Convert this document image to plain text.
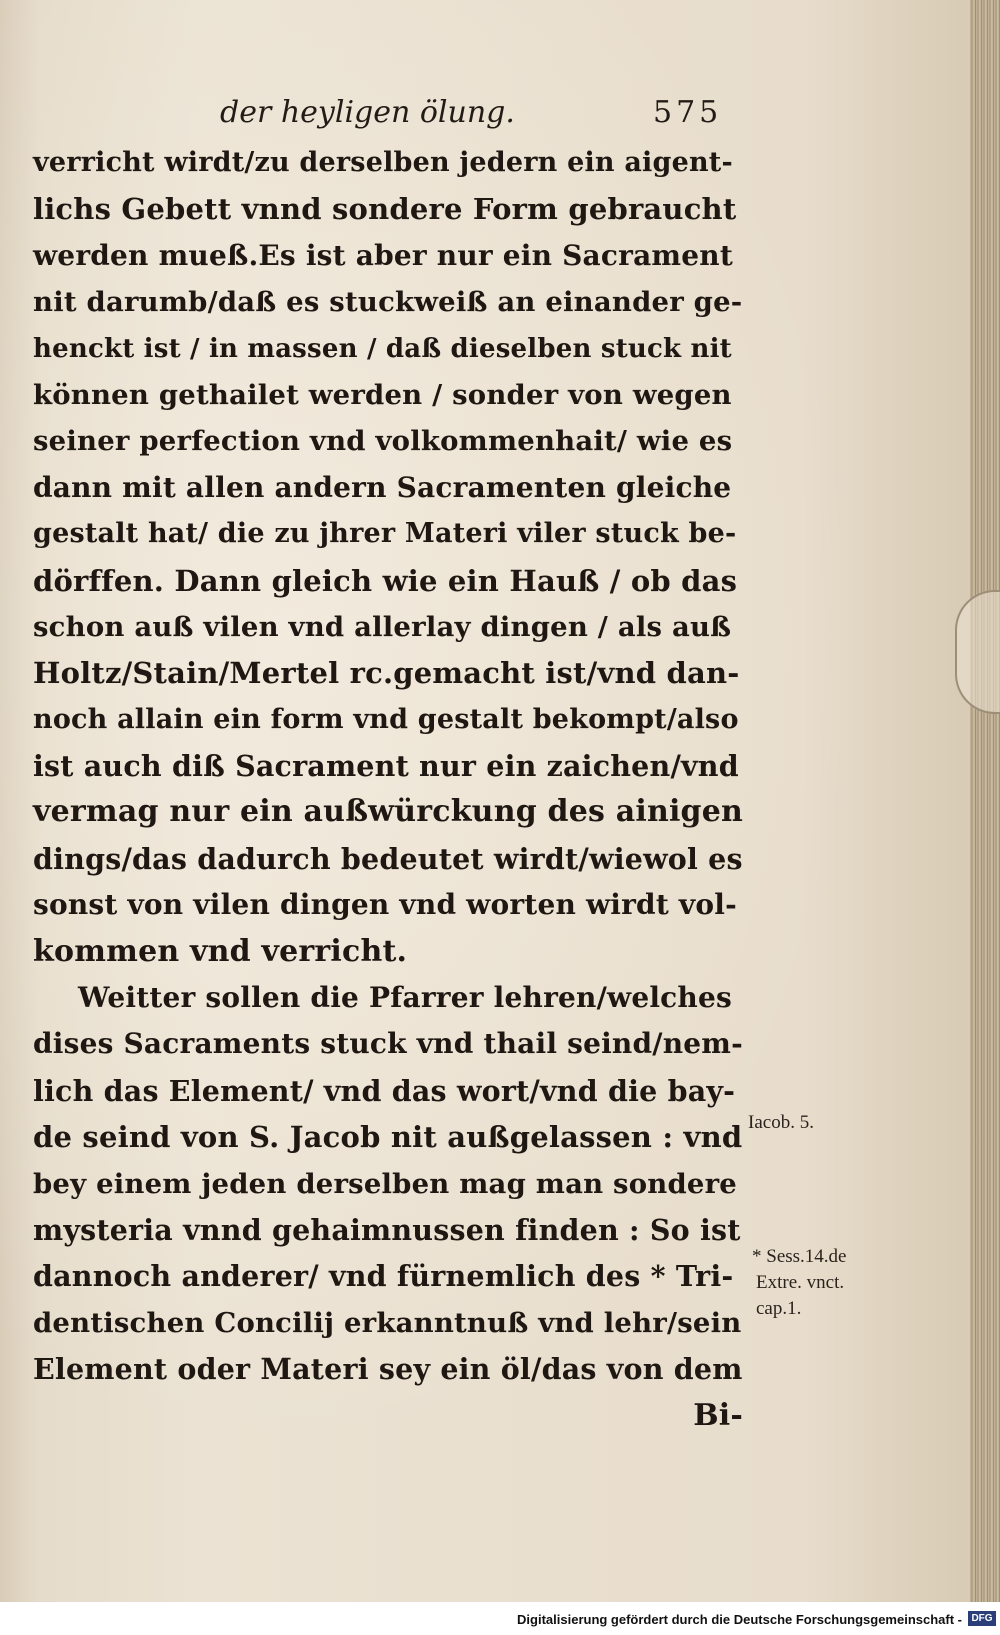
der heyligen ölung.	575
verricht wirdt/zu derselben jedern ein aigent-
lichs Gebett vnnd sondere Form gebraucht
werden mueß.Es ist aber nur ein Sacrament
nit darumb/daß es stuckweiß an einander ge-
henckt ist / in massen / daß dieselben stuck nit
können gethailet werden / sonder von wegen
seiner perfection vnd volkommenhait/ wie es
dann mit allen andern Sacramenten gleiche
gestalt hat/ die zu jhrer Materi viler stuck be-
dörffen. Dann gleich wie ein Hauß / ob das
schon auß vilen vnd allerlay dingen / als auß
Holtz/Stain/Mertel rc.gemacht ist/vnd dan-
noch allain ein form vnd gestalt bekompt/also
ist auch diß Sacrament nur ein zaichen/vnd
vermag nur ein außwürckung des ainigen
dings/das dadurch bedeutet wirdt/wiewol es
sonst von vilen dingen vnd worten wirdt vol-
kommen vnd verricht.
Weitter sollen die Pfarrer lehren/welches
dises Sacraments stuck vnd thail seind/nem-
lich das Element/ vnd das wort/vnd die bay-
de seind von S. Jacob nit außgelassen : vnd
bey einem jeden derselben mag man sondere
mysteria vnnd gehaimnussen finden : So ist
dannoch anderer/ vnd fürnemlich des * Tri-
dentischen Concilij erkanntnuß vnd lehr/sein
Element oder Materi sey ein öl/das von dem
Bi-
Iacob. 5.
* Sess.14.de
Extre. vnct.
cap.1.
Digitalisierung gefördert durch die Deutsche Forschungsgemeinschaft - DFG
